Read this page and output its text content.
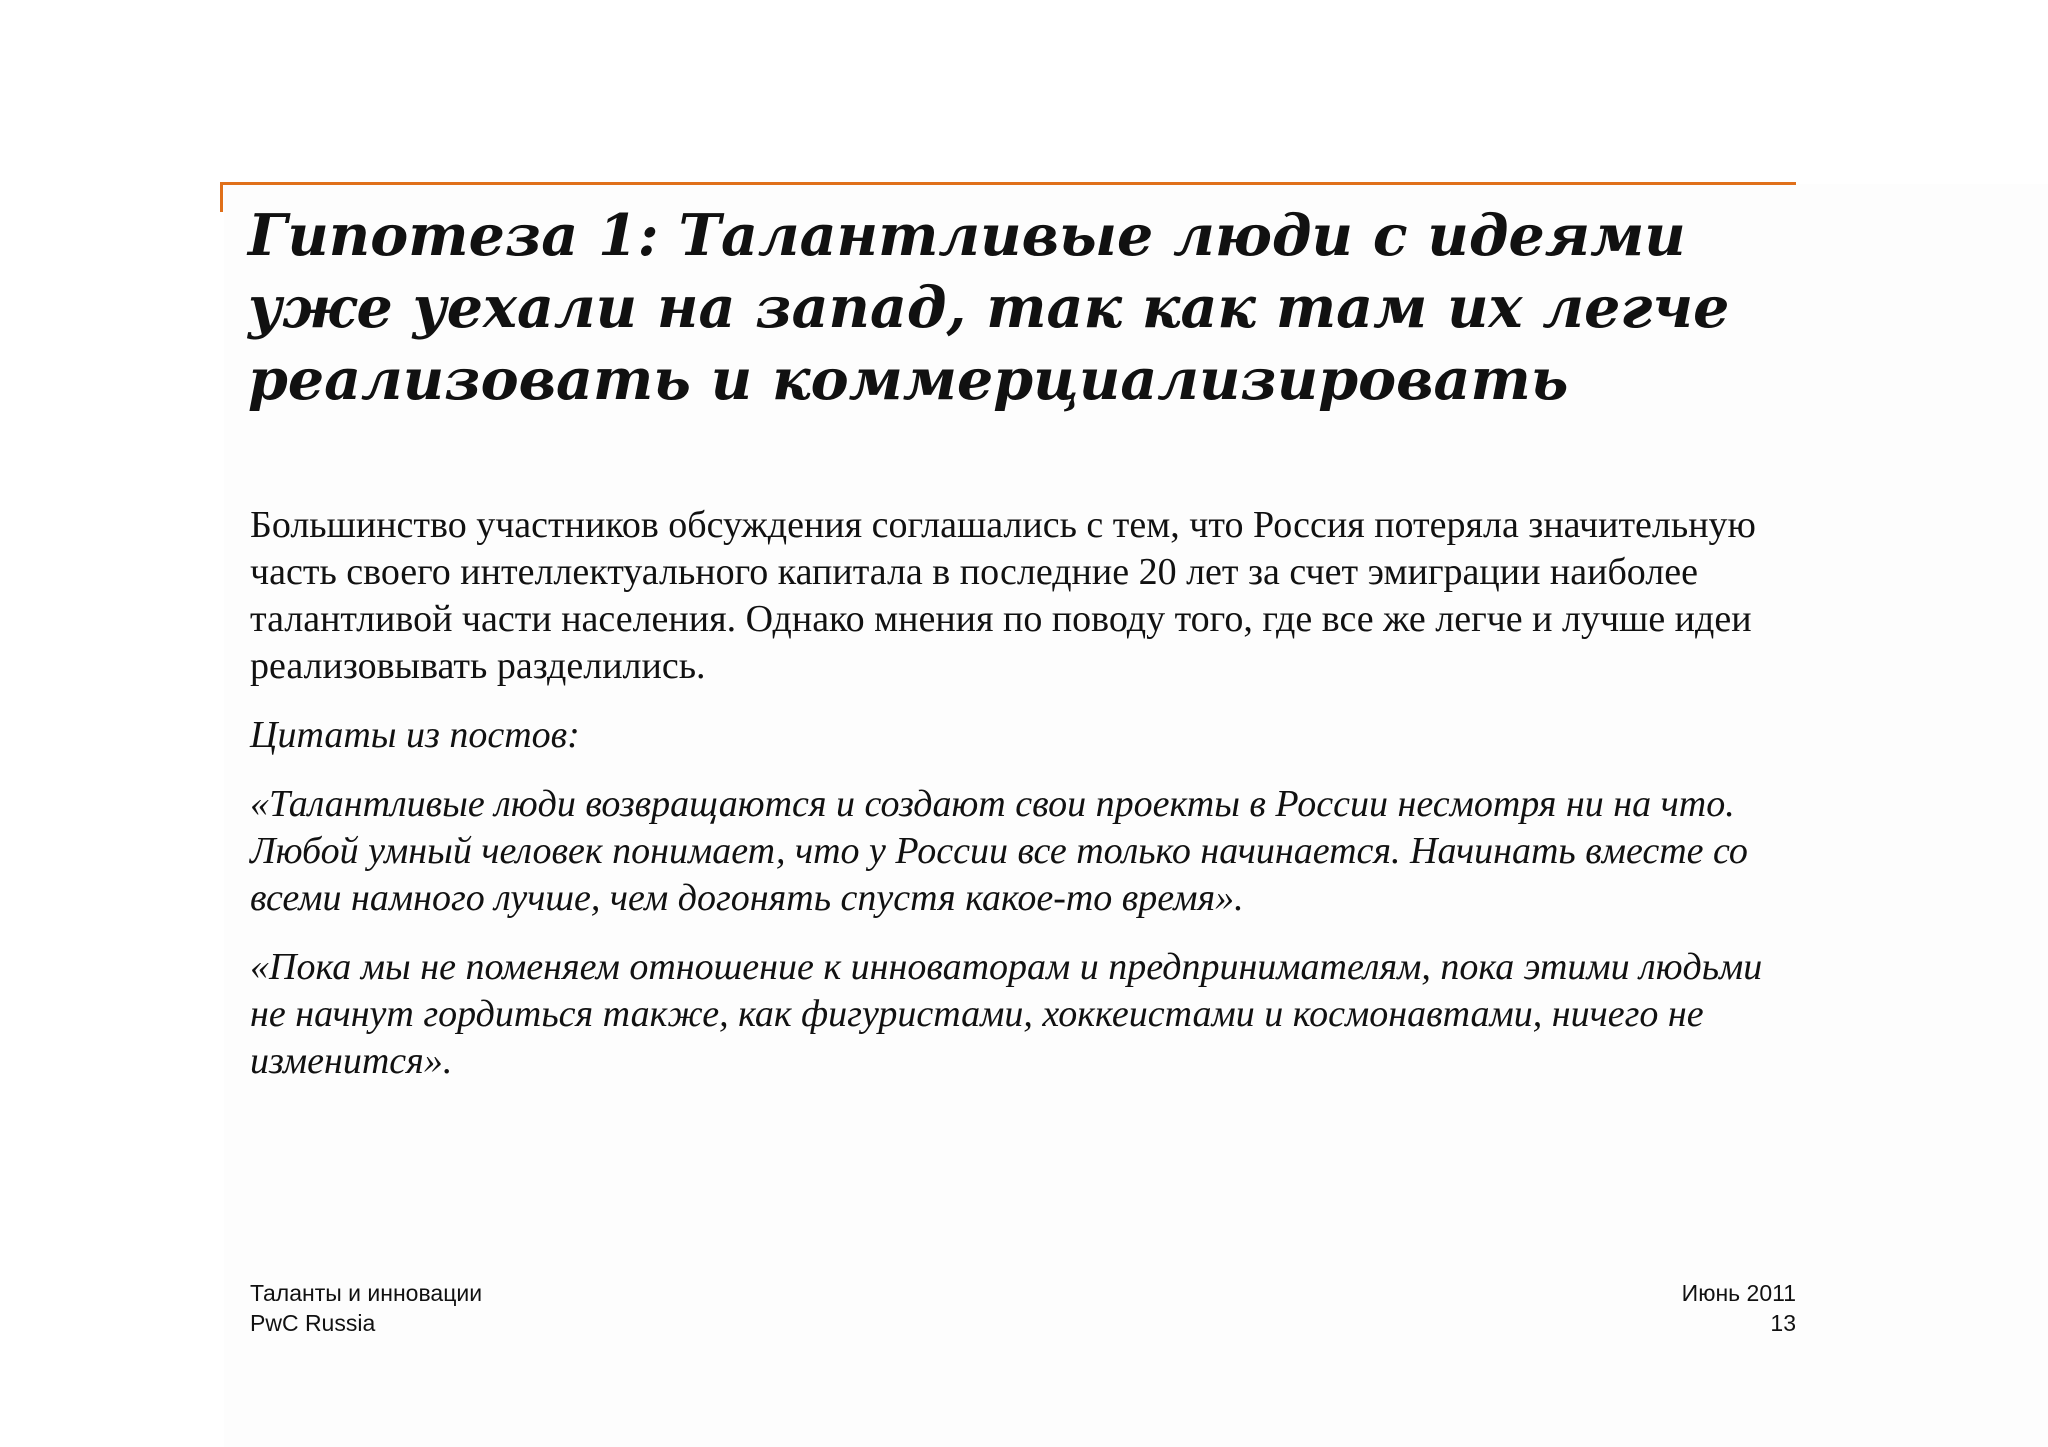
Гипотеза 1: Талантливые люди с идеями уже уехали на запад, так как там их легче реализовать и коммерциализировать

Большинство участников обсуждения соглашались с тем, что Россия потеряла значительную часть своего интеллектуального капитала в последние 20 лет за счет эмиграции наиболее талантливой части населения. Однако мнения по поводу того, где все же легче и лучше идеи реализовывать разделились.

Цитаты из постов:

«Талантливые люди возвращаются и создают свои проекты в России несмотря ни на что. Любой умный человек понимает, что у России все только начинается. Начинать вместе со всеми намного лучше, чем догонять спустя какое-то время».

«Пока мы не поменяем отношение к инноваторам и предпринимателям, пока этими людьми не начнут гордиться также, как фигуристами, хоккеистами и космонавтами, ничего не изменится».

Таланты и инновации
PwC Russia
Июнь 2011
13
